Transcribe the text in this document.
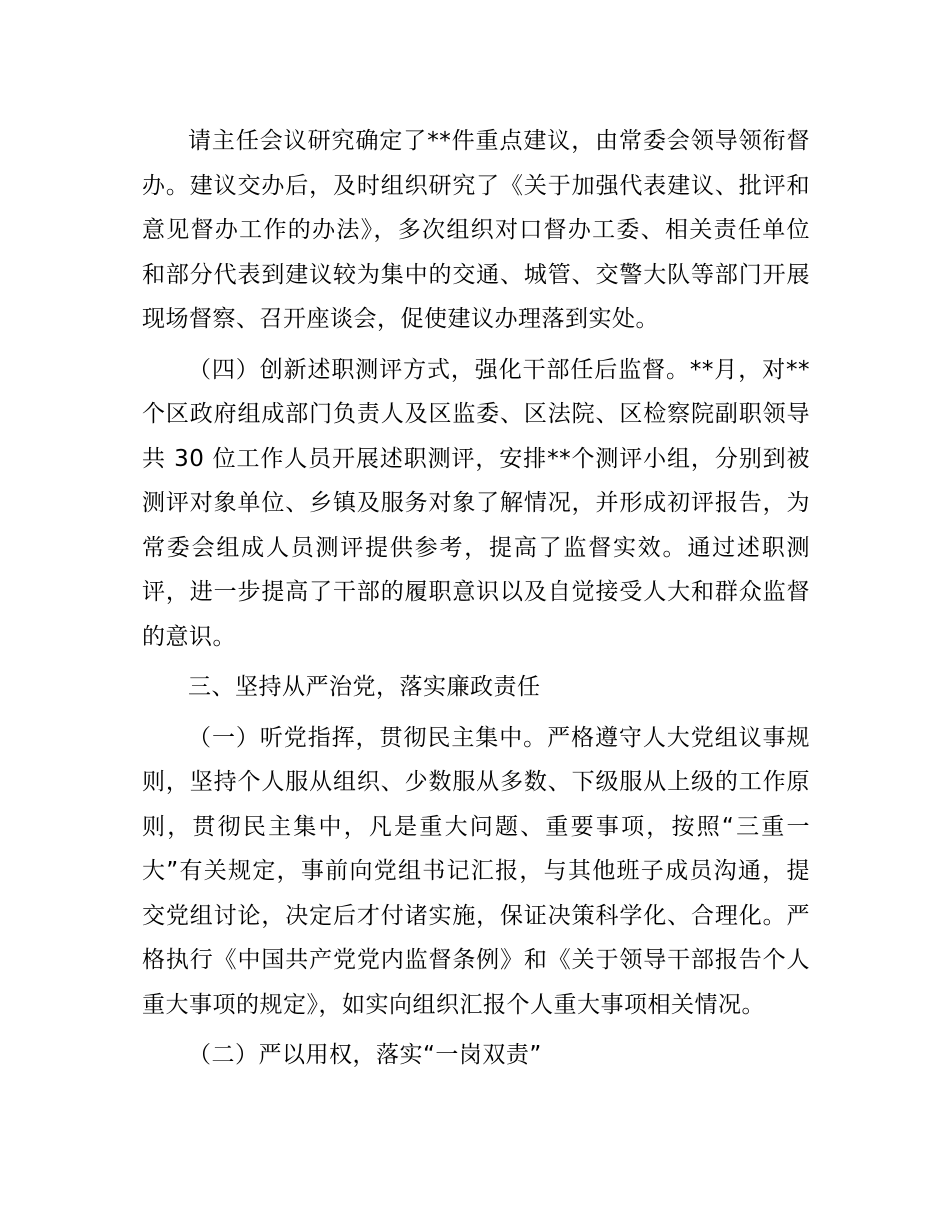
请主任会议研究确定了**件重点建议，由常委会领导领衔督办。建议交办后，及时组织研究了《关于加强代表建议、批评和意见督办工作的办法》，多次组织对口督办工委、相关责任单位和部分代表到建议较为集中的交通、城管、交警大队等部门开展现场督察、召开座谈会，促使建议办理落到实处。

（四）创新述职测评方式，强化干部任后监督。**月，对**个区政府组成部门负责人及区监委、区法院、区检察院副职领导共 30 位工作人员开展述职测评，安排**个测评小组，分别到被测评对象单位、乡镇及服务对象了解情况，并形成初评报告，为常委会组成人员测评提供参考，提高了监督实效。通过述职测评，进一步提高了干部的履职意识以及自觉接受人大和群众监督的意识。

三、坚持从严治党，落实廉政责任

（一）听党指挥，贯彻民主集中。严格遵守人大党组议事规则，坚持个人服从组织、少数服从多数、下级服从上级的工作原则，贯彻民主集中，凡是重大问题、重要事项，按照“三重一大”有关规定，事前向党组书记汇报，与其他班子成员沟通，提交党组讨论，决定后才付诸实施，保证决策科学化、合理化。严格执行《中国共产党党内监督条例》和《关于领导干部报告个人重大事项的规定》，如实向组织汇报个人重大事项相关情况。

（二）严以用权，落实“一岗双责”
